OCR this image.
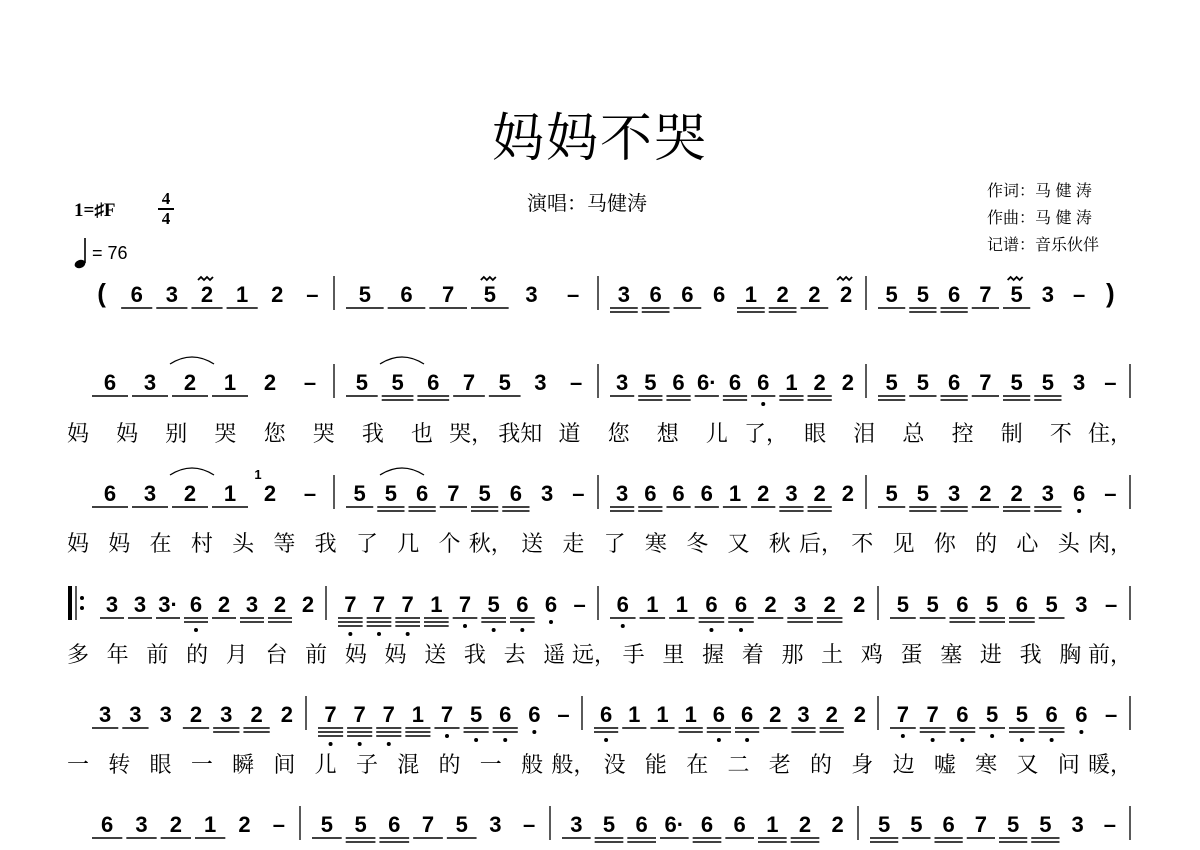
妈妈不哭
演唱：马健涛
作词：马 健 涛
作曲：马 健 涛
记谱：音乐伙伴
1=♯F
4
4
= 76
( 6 3 2 1 2 – 5 6 7 5 3 – 3 6 6 6 1 2 2 2 5 5 6 7 5 3 – )
6 3 2 1 2 – 5 5 6 7 5 3 – 3 5 6 6· 6 6 1 2 2 5 5 6 7 5 5 3 –
妈 妈 别 哭 您 哭 我 也 哭， 我知 道 您 想 儿 了， 眼 泪 总 控 制 不 住，
6 3 2 1 2
1
– 5 5 6 7 5 6 3 – 3 6 6 6 1 2 3 2 2 5 5 3 2 2 3 6 –
妈 妈 在 村 头 等 我 了 几 个 秋， 送 走 了 寒 冬 又 秋 后， 不 见 你 的 心 头 肉，
3 3 3· 6 2 3 2 2 7 7 7 1 7 5 6 6 – 6 1 1 6 6 2 3 2 2 5 5 6 5 6 5 3 –
多 年 前 的 月 台 前 妈 妈 送 我 去 遥 远， 手 里 握 着 那 土 鸡 蛋 塞 进 我 胸 前，
3 3 3 2 3 2 2 7 7 7 1 7 5 6 6 – 6 1 1 1 6 6 2 3 2 2 7 7 6 5 5 6 6 –
一 转 眼 一 瞬 间 儿 子 混 的 一 般 般， 没 能 在 二 老 的 身 边 嘘 寒 又 问 暖，
6 3 2 1 2 – 5 5 6 7 5 3 – 3 5 6 6· 6 6 1 2 2 5 5 6 7 5 5 3 –
